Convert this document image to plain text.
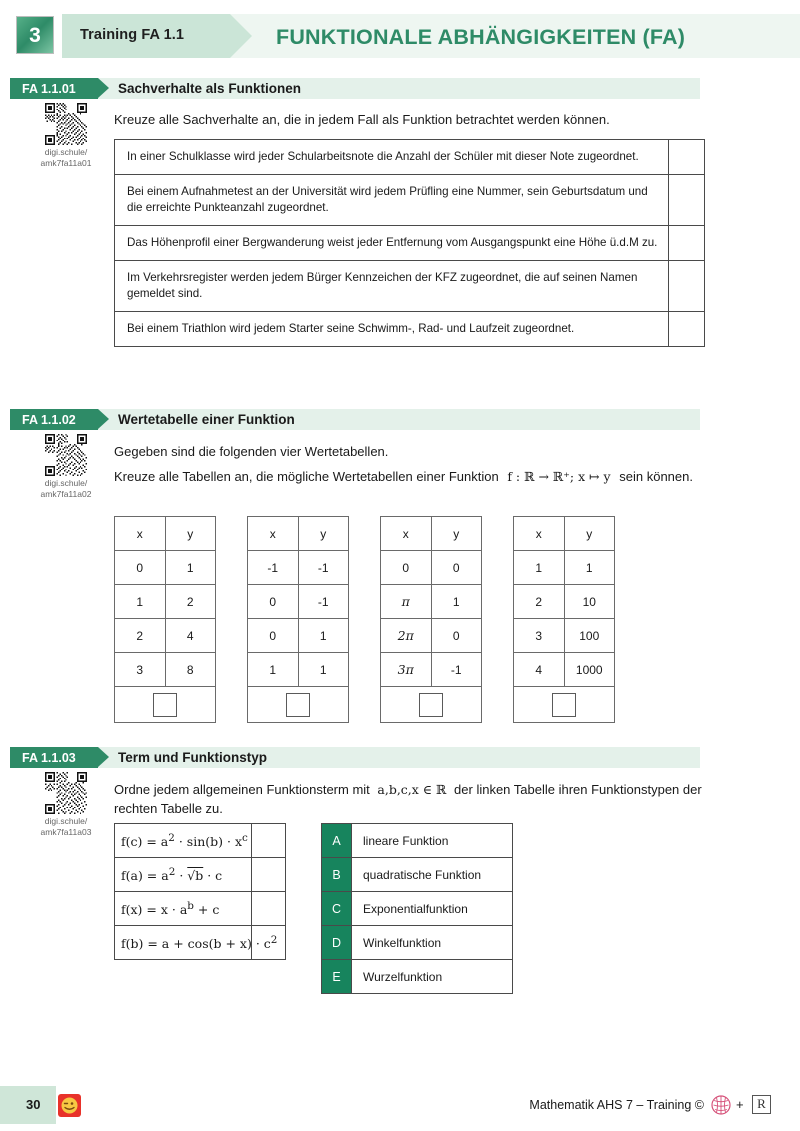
3	Training FA 1.1	FUNKTIONALE ABHÄNGIGKEITEN (FA)
FA 1.1.01	Sachverhalte als Funktionen
digi.schule/
amk7fa11a01
Kreuze alle Sachverhalte an, die in jedem Fall als Funktion betrachtet werden können.
In einer Schulklasse wird jeder Schularbeitsnote die Anzahl der Schüler mit dieser Note zugeordnet.	
Bei einem Aufnahmetest an der Universität wird jedem Prüfling eine Nummer, sein Geburtsdatum und die erreichte Punkteanzahl zugeordnet.	
Das Höhenprofil einer Bergwanderung weist jeder Entfernung vom Ausgangspunkt eine Höhe ü.d.M zu.	
Im Verkehrsregister werden jedem Bürger Kennzeichen der KFZ zugeordnet, die auf seinen Namen gemeldet sind.	
Bei einem Triathlon wird jedem Starter seine Schwimm-, Rad- und Laufzeit zugeordnet.	
FA 1.1.02	Wertetabelle einer Funktion
digi.schule/
amk7fa11a02
Gegeben sind die folgenden vier Wertetabellen.
Kreuze alle Tabellen an, die mögliche Wertetabellen einer Funktion f : ℝ → ℝ⁺; x ↦ y sein können.
x	y
0	1
1	2
2	4
3	8

x	y
-1	-1
0	-1
0	1
1	1

x	y
0	0
π	1
2π	0
3π	-1

x	y
1	1
2	10
3	100
4	1000

FA 1.1.03	Term und Funktionstyp
digi.schule/
amk7fa11a03
Ordne jedem allgemeinen Funktionsterm mit a,b,c,x ∈ ℝ der linken Tabelle ihren Funktionstypen der rechten Tabelle zu.
$f(c) = a^2 \cdot \sin(b) \cdot x^c$	
$f(a) = a^2 \cdot √b \cdot c$	
$f(x) = x \cdot a^b + c$	
$f(b) = a + \cos(b + x) \cdot c^2$	
A	lineare Funktion
B	quadratische Funktion
C	Exponentialfunktion
D	Winkelfunktion
E	Wurzelfunktion
30	Mathematik AHS 7 – Training © +	R
